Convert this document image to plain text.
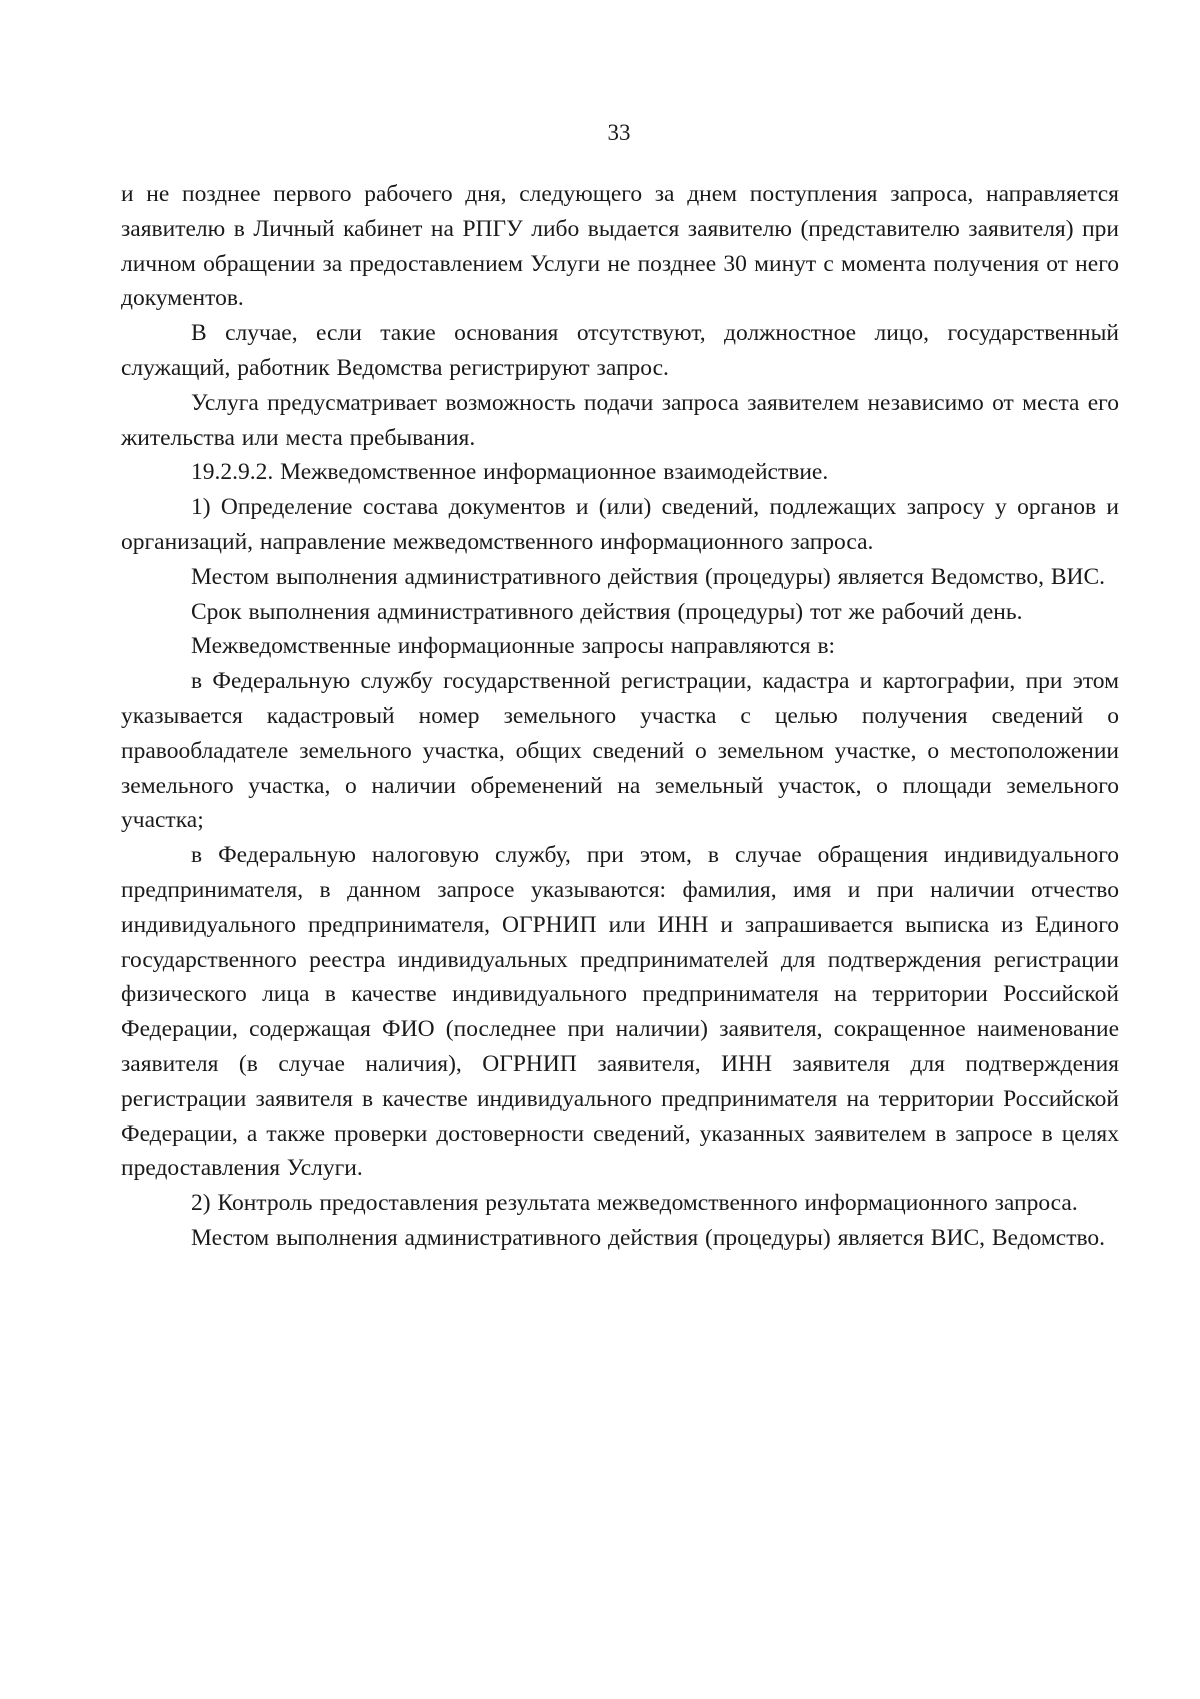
33

и не позднее первого рабочего дня, следующего за днем поступления запроса, направляется заявителю в Личный кабинет на РПГУ либо выдается заявителю (представителю заявителя) при личном обращении за предоставлением Услуги не позднее 30 минут с момента получения от него документов.

В случае, если такие основания отсутствуют, должностное лицо, государственный служащий, работник Ведомства регистрируют запрос.

Услуга предусматривает возможность подачи запроса заявителем независимо от места его жительства или места пребывания.

19.2.9.2. Межведомственное информационное взаимодействие.

1) Определение состава документов и (или) сведений, подлежащих запросу у органов и организаций, направление межведомственного информационного запроса.

Местом выполнения административного действия (процедуры) является Ведомство, ВИС.

Срок выполнения административного действия (процедуры) тот же рабочий день.

Межведомственные информационные запросы направляются в:

в Федеральную службу государственной регистрации, кадастра и картографии, при этом указывается кадастровый номер земельного участка с целью получения сведений о правообладателе земельного участка, общих сведений о земельном участке, о местоположении земельного участка, о наличии обременений на земельный участок, о площади земельного участка;

в Федеральную налоговую службу, при этом, в случае обращения индивидуального предпринимателя, в данном запросе указываются: фамилия, имя и при наличии отчество индивидуального предпринимателя, ОГРНИП или ИНН и запрашивается выписка из Единого государственного реестра индивидуальных предпринимателей для подтверждения регистрации физического лица в качестве индивидуального предпринимателя на территории Российской Федерации, содержащая ФИО (последнее при наличии) заявителя, сокращенное наименование заявителя (в случае наличия), ОГРНИП заявителя, ИНН заявителя для подтверждения регистрации заявителя в качестве индивидуального предпринимателя на территории Российской Федерации, а также проверки достоверности сведений, указанных заявителем в запросе в целях предоставления Услуги.

2) Контроль предоставления результата межведомственного информационного запроса.

Местом выполнения административного действия (процедуры) является ВИС, Ведомство.
